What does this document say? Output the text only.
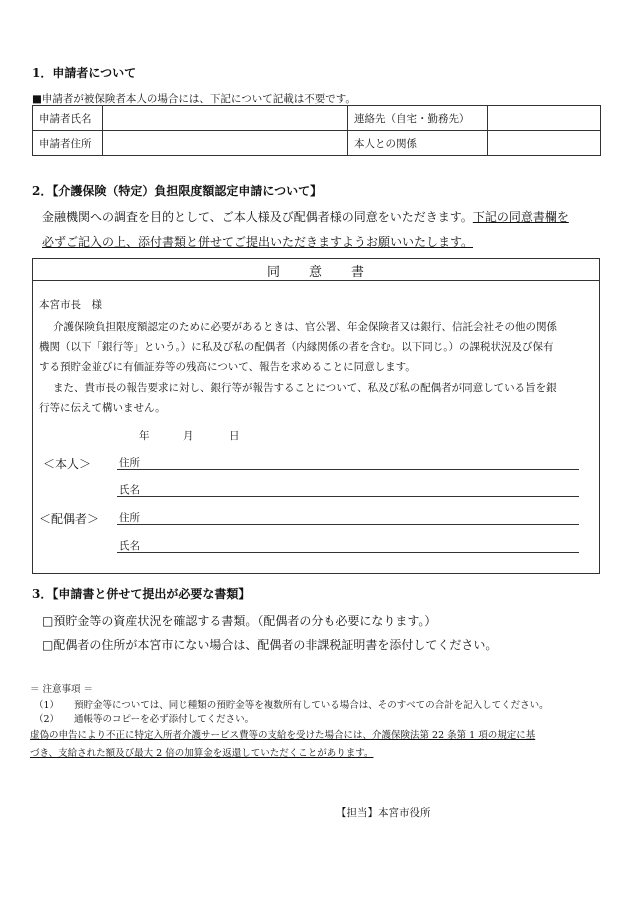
1．申請者について
■申請者が被保険者本人の場合には、下記について記載は不要です。
申請者氏名		連絡先（自宅・勤務先）	
申請者住所		本人との関係	
2．【介護保険（特定）負担限度額認定申請について】
金融機関への調査を目的として、ご本人様及び配偶者様の同意をいただきます。下記の同意書欄を
必ずご記入の上、添付書類と併せてご提出いただきますようお願いいたします。
同　　意　　書
本宮市長　様
介護保険負担限度額認定のために必要があるときは、官公署、年金保険者又は銀行、信託会社その他の関係
機関（以下「銀行等」という。）に私及び私の配偶者（内縁関係の者を含む。以下同じ。）の課税状況及び保有
する預貯金並びに有価証券等の残高について、報告を求めることに同意します。
また、貴市長の報告要求に対し、銀行等が報告することについて、私及び私の配偶者が同意している旨を銀
行等に伝えて構いません。
年	月	日
＜本人＞	住所
氏名
＜配偶者＞ 住所
氏名
3．【申請書と併せて提出が必要な書類】
□預貯金等の資産状況を確認する書類。（配偶者の分も必要になります。）
□配偶者の住所が本宮市にない場合は、配偶者の非課税証明書を添付してください。
＝ 注意事項 ＝
（1） 預貯金等については、同じ種類の預貯金等を複数所有している場合は、そのすべての合計を記入してください。
（2） 通帳等のコピーを必ず添付してください。
虚偽の申告により不正に特定入所者介護サービス費等の支給を受けた場合には、介護保険法第 22 条第 1 項の規定に基
づき、支給された額及び最大 2 倍の加算金を返還していただくことがあります。
【担当】本宮市役所
